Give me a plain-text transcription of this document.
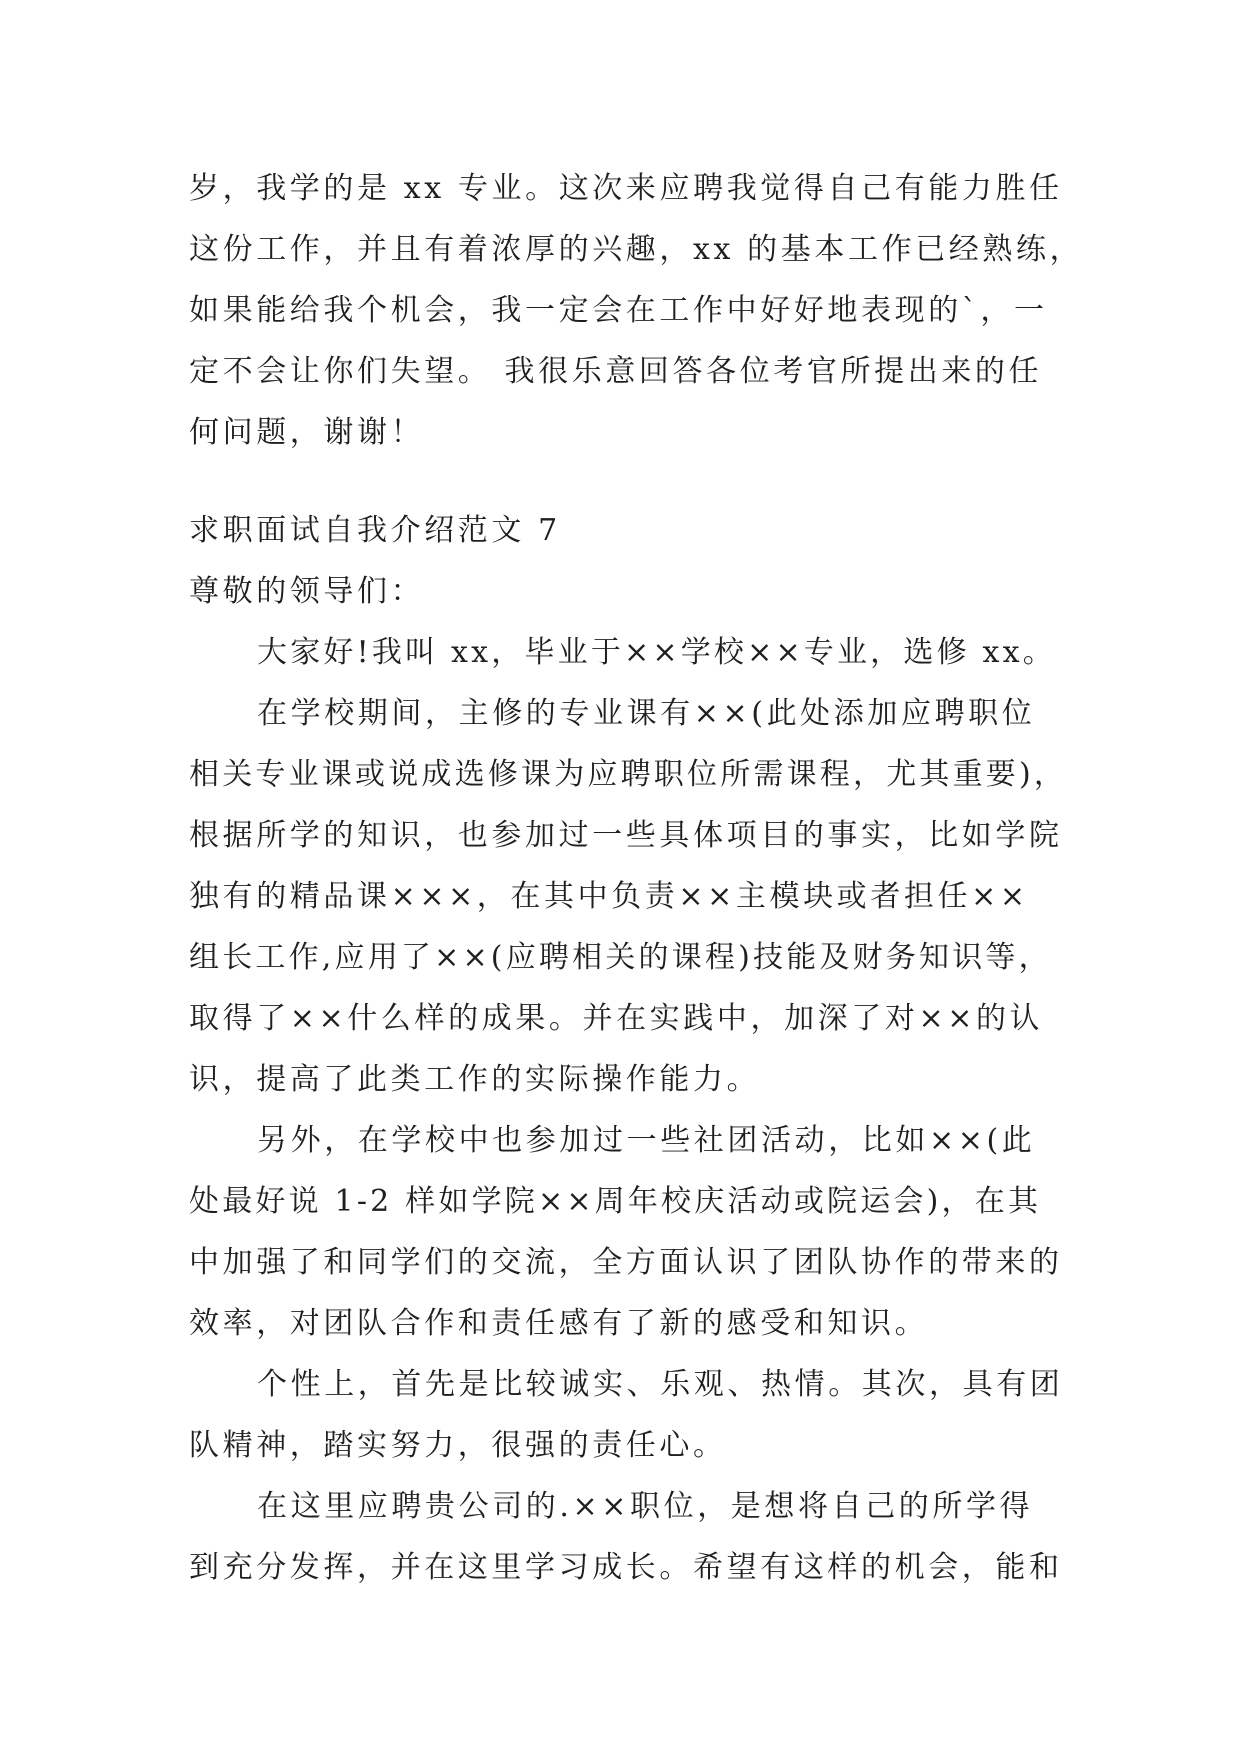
岁，我学的是 xx 专业。这次来应聘我觉得自己有能力胜任
这份工作，并且有着浓厚的兴趣，xx 的基本工作已经熟练，
如果能给我个机会，我一定会在工作中好好地表现的`，一
定不会让你们失望。 我很乐意回答各位考官所提出来的任
何问题，谢谢！
求职面试自我介绍范文 7
尊敬的领导们：
大家好!我叫 xx，毕业于××学校××专业，选修 xx。
在学校期间，主修的专业课有××(此处添加应聘职位
相关专业课或说成选修课为应聘职位所需课程，尤其重要)，
根据所学的知识，也参加过一些具体项目的事实，比如学院
独有的精品课×××，在其中负责××主模块或者担任××
组长工作,应用了××(应聘相关的课程)技能及财务知识等，
取得了××什么样的成果。并在实践中，加深了对××的认
识，提高了此类工作的实际操作能力。
另外，在学校中也参加过一些社团活动，比如××(此
处最好说 1-2 样如学院××周年校庆活动或院运会)，在其
中加强了和同学们的交流，全方面认识了团队协作的带来的
效率，对团队合作和责任感有了新的感受和知识。
个性上，首先是比较诚实、乐观、热情。其次，具有团
队精神，踏实努力，很强的责任心。
在这里应聘贵公司的.××职位，是想将自己的所学得
到充分发挥，并在这里学习成长。希望有这样的机会，能和
